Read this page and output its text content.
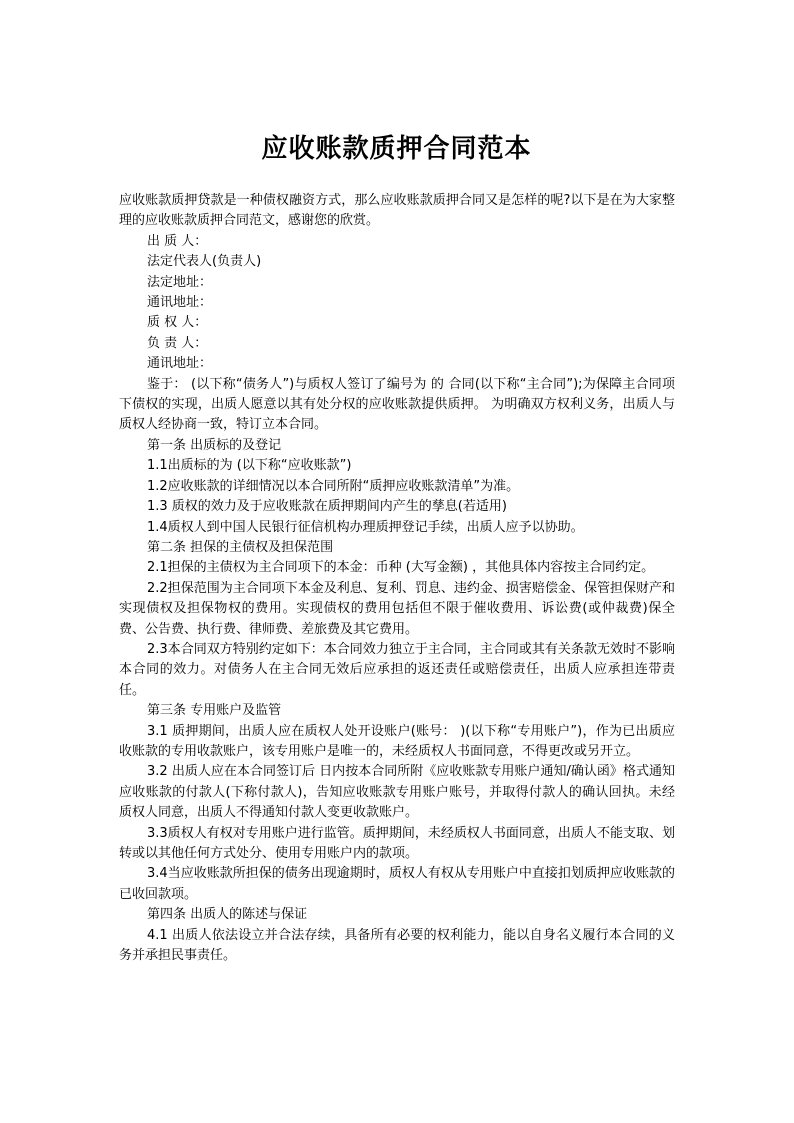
应收账款质押合同范本

应收账款质押贷款是一种债权融资方式，那么应收账款质押合同又是怎样的呢?以下是在为大家整理的应收账款质押合同范文，感谢您的欣赏。

出 质 人：

法定代表人(负责人)

法定地址：

通讯地址：

质 权 人：

负 责 人：

通讯地址：

鉴于： (以下称“债务人”)与质权人签订了编号为 的 合同(以下称“主合同”);为保障主合同项下债权的实现，出质人愿意以其有处分权的应收账款提供质押。 为明确双方权利义务，出质人与质权人经协商一致，特订立本合同。

第一条 出质标的及登记

1.1出质标的为 (以下称“应收账款”)

1.2应收账款的详细情况以本合同所附“质押应收账款清单”为准。

1.3 质权的效力及于应收账款在质押期间内产生的孳息(若适用)

1.4质权人到中国人民银行征信机构办理质押登记手续，出质人应予以协助。

第二条 担保的主债权及担保范围

2.1担保的主债权为主合同项下的本金：币种 (大写金额) ，其他具体内容按主合同约定。

2.2担保范围为主合同项下本金及利息、复利、罚息、违约金、损害赔偿金、保管担保财产和实现债权及担保物权的费用。实现债权的费用包括但不限于催收费用、诉讼费(或仲裁费)保全费、公告费、执行费、律师费、差旅费及其它费用。

2.3本合同双方特别约定如下：本合同效力独立于主合同，主合同或其有关条款无效时不影响本合同的效力。对债务人在主合同无效后应承担的返还责任或赔偿责任，出质人应承担连带责任。

第三条 专用账户及监管

3.1 质押期间，出质人应在质权人处开设账户(账号： )(以下称“专用账户”)，作为已出质应收账款的专用收款账户，该专用账户是唯一的，未经质权人书面同意，不得更改或另开立。

3.2 出质人应在本合同签订后 日内按本合同所附《应收账款专用账户通知/确认函》格式通知应收账款的付款人(下称付款人)，告知应收账款专用账户账号，并取得付款人的确认回执。未经质权人同意，出质人不得通知付款人变更收款账户。

3.3质权人有权对专用账户进行监管。质押期间，未经质权人书面同意，出质人不能支取、划转或以其他任何方式处分、使用专用账户内的款项。

3.4当应收账款所担保的债务出现逾期时，质权人有权从专用账户中直接扣划质押应收账款的已收回款项。

第四条 出质人的陈述与保证

4.1 出质人依法设立并合法存续，具备所有必要的权利能力，能以自身名义履行本合同的义务并承担民事责任。
